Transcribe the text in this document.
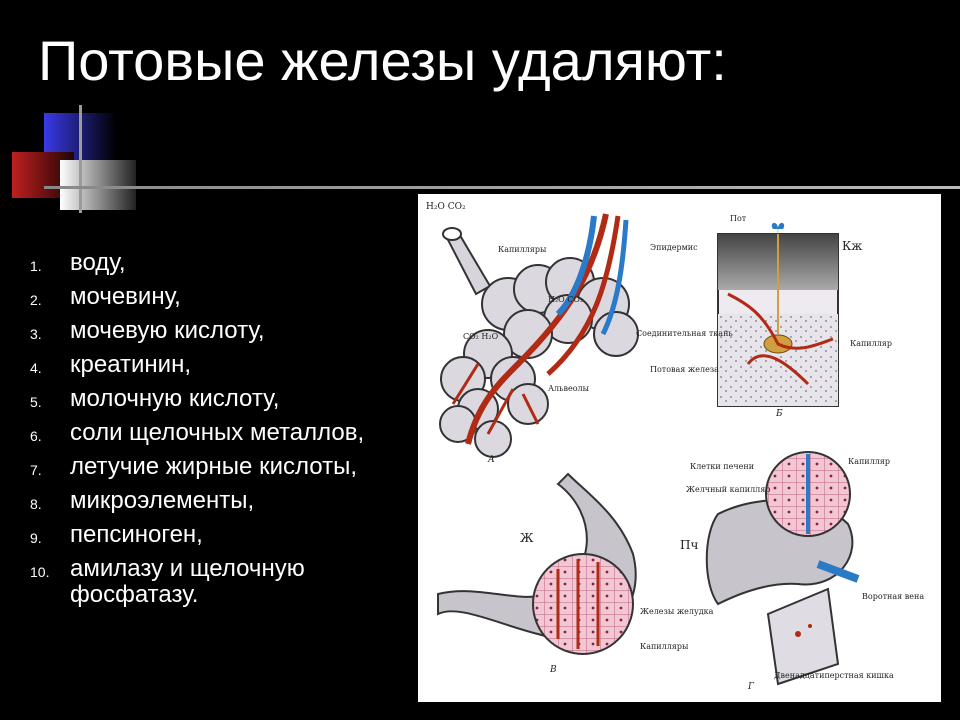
Потовые железы удаляют:
1.	воду,
2.	мочевину,
3.	мочевую кислоту,
4.	креатинин,
5.	молочную кислоту,
6.	соли щелочных металлов,
7.	летучие жирные кислоты,
8.	микроэлементы,
9.	пепсиноген,
10. амилазу и щелочную фосфатазу.
H₂O CO₂
Капилляры
H₂O CO₂
CO₂ H₂O
Альвеолы
А
Пот
Эпидермис	Кж
Соединительная ткань
Потовая железа
Капилляр
Б
Ж
Железы желудка
Капилляры
В
Клетки печени
Желчный капилляр
Капилляр
Пч
Воротная вена
Двенадцатиперстная кишка
Г
